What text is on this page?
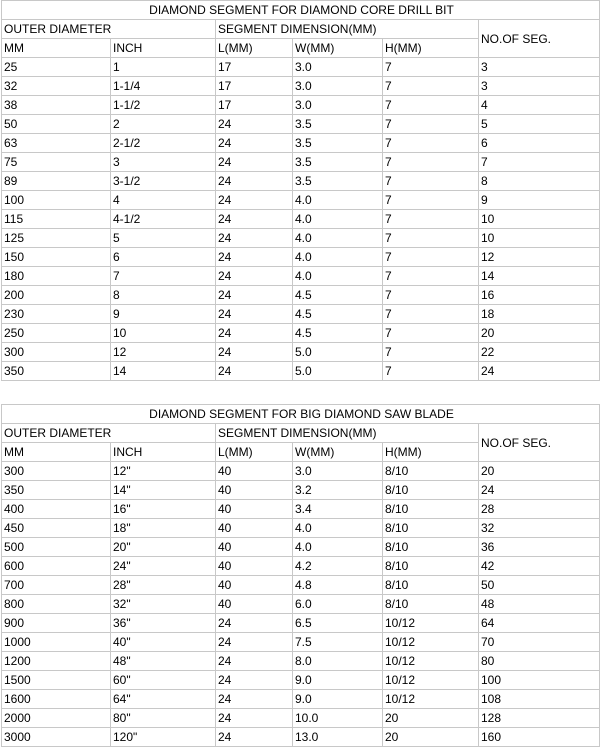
DIAMOND SEGMENT FOR DIAMOND CORE DRILL BIT					
OUTER DIAMETER		SEGMENT DIMENSION(MM)			NO.OF SEG.
MM	INCH	L(MM)	W(MM)	H(MM)	
25	1	17	3.0	7	3
32	1-1/4	17	3.0	7	3
38	1-1/2	17	3.0	7	4
50	2	24	3.5	7	5
63	2-1/2	24	3.5	7	6
75	3	24	3.5	7	7
89	3-1/2	24	3.5	7	8
100	4	24	4.0	7	9
115	4-1/2	24	4.0	7	10
125	5	24	4.0	7	10
150	6	24	4.0	7	12
180	7	24	4.0	7	14
200	8	24	4.5	7	16
230	9	24	4.5	7	18
250	10	24	4.5	7	20
300	12	24	5.0	7	22
350	14	24	5.0	7	24
DIAMOND SEGMENT FOR BIG DIAMOND SAW BLADE					
OUTER DIAMETER		SEGMENT DIMENSION(MM)			NO.OF SEG.
MM	INCH	L(MM)	W(MM)	H(MM)	
300	12"	40	3.0	8/10	20
350	14"	40	3.2	8/10	24
400	16"	40	3.4	8/10	28
450	18"	40	4.0	8/10	32
500	20"	40	4.0	8/10	36
600	24"	40	4.2	8/10	42
700	28"	40	4.8	8/10	50
800	32"	40	6.0	8/10	48
900	36"	24	6.5	10/12	64
1000	40"	24	7.5	10/12	70
1200	48"	24	8.0	10/12	80
1500	60"	24	9.0	10/12	100
1600	64"	24	9.0	10/12	108
2000	80"	24	10.0	20	128
3000	120"	24	13.0	20	160
